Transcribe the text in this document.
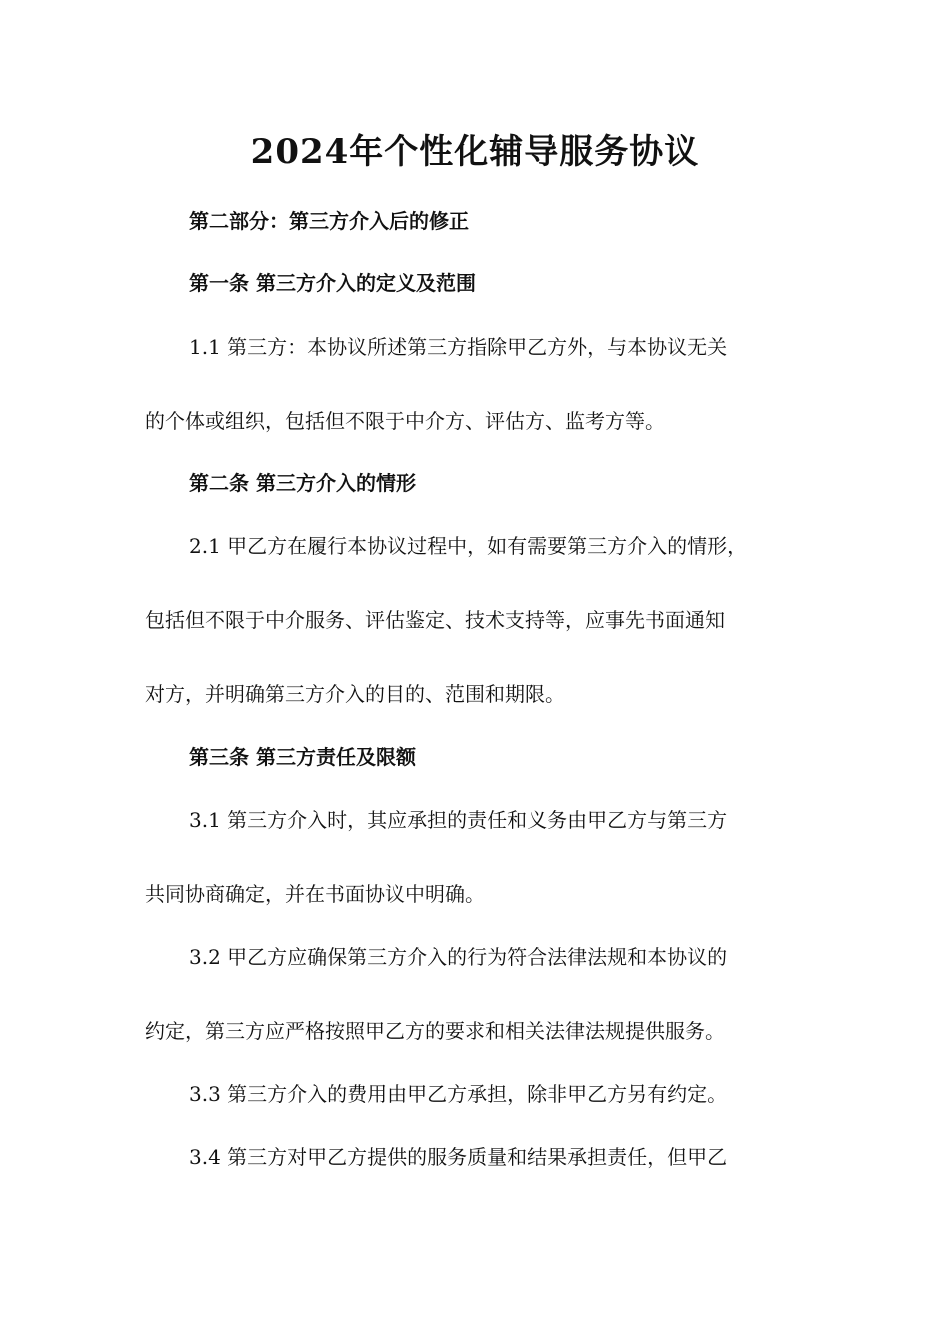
2024年个性化辅导服务协议
第二部分：第三方介入后的修正
第一条 第三方介入的定义及范围
1.1 第三方：本协议所述第三方指除甲乙方外，与本协议无关
的个体或组织，包括但不限于中介方、评估方、监考方等。
第二条 第三方介入的情形
2.1 甲乙方在履行本协议过程中，如有需要第三方介入的情形，
包括但不限于中介服务、评估鉴定、技术支持等，应事先书面通知
对方，并明确第三方介入的目的、范围和期限。
第三条 第三方责任及限额
3.1 第三方介入时，其应承担的责任和义务由甲乙方与第三方
共同协商确定，并在书面协议中明确。
3.2 甲乙方应确保第三方介入的行为符合法律法规和本协议的
约定，第三方应严格按照甲乙方的要求和相关法律法规提供服务。
3.3 第三方介入的费用由甲乙方承担，除非甲乙方另有约定。
3.4 第三方对甲乙方提供的服务质量和结果承担责任，但甲乙
